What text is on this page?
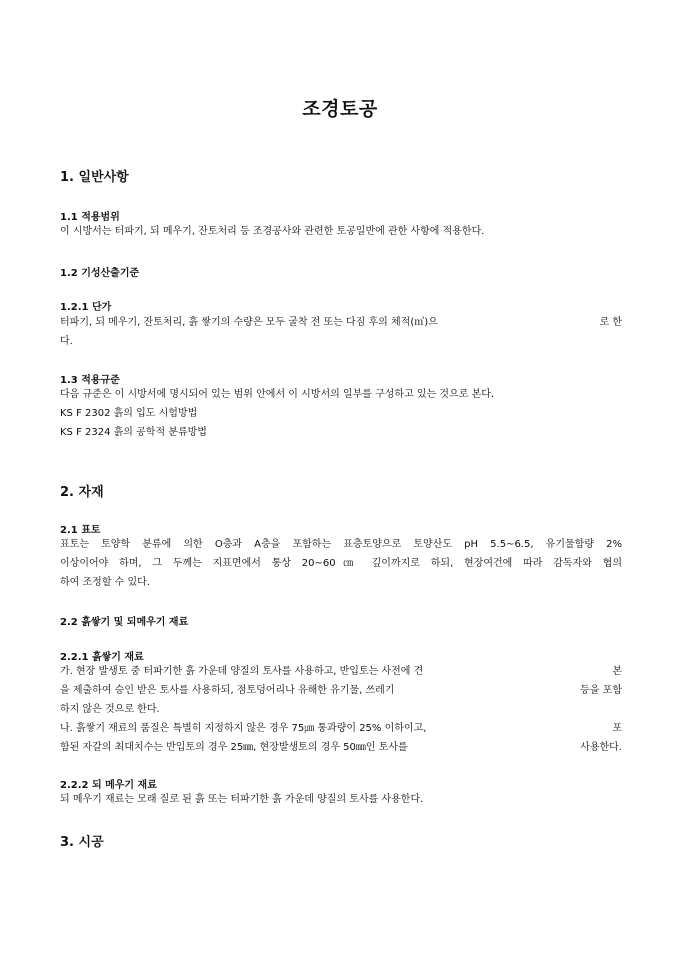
조경토공
1. 일반사항
1.1 적용범위
이 시방서는 터파기, 되 메우기, 잔토처리 등 조경공사와 관련한 토공일반에 관한 사항에 적용한다.
1.2 기성산출기준
1.2.1 단가
터파기, 되 메우기, 잔토처리, 흙 쌓기의 수량은 모두 굴착 전 또는 다짐 후의 체적(㎥)으	로 한
다.
1.3 적용규준
다음 규준은 이 시방서에 명시되어 있는 범위 안에서 이 시방서의 일부를 구성하고 있는 것으로 본다.
KS F 2302 흙의 입도 시험방법
KS F 2324 흙의 공학적 분류방법
2. 자재
2.1 표토
표토는 토양학 분류에 의한 O층과 A층을 포함하는 표층토양으로 토양산도 pH 5.5∼6.5, 유기물함량 2%
이상이어야 하며, 그 두께는 지표면에서 통상 20∼60㎝ 깊이까지로 하되, 현장여건에 따라 감독자와 협의
하여 조정할 수 있다.
2.2 흙쌓기 및 되메우기 재료
2.2.1 흙쌓기 재료
가. 현장 발생토 중 터파기한 흙 가운데 양질의 토사를 사용하고, 반입토는 사전에 견	본
을 제출하여 승인 받은 토사를 사용하되, 점토덩어리나 유해한 유기물, 쓰레기	등을 포함
하지 않은 것으로 한다.
나. 흙쌓기 재료의 품질은 특별히 지정하지 않은 경우 75㎛ 통과량이 25% 이하이고,	포
함된 자갈의 최대치수는 반입토의 경우 25㎜, 현장발생토의 경우 50㎜인 토사를	사용한다.
2.2.2 되 메우기 재료
되 메우기 재료는 모래 질로 된 흙 또는 터파기한 흙 가운데 양질의 토사를 사용한다.
3. 시공
